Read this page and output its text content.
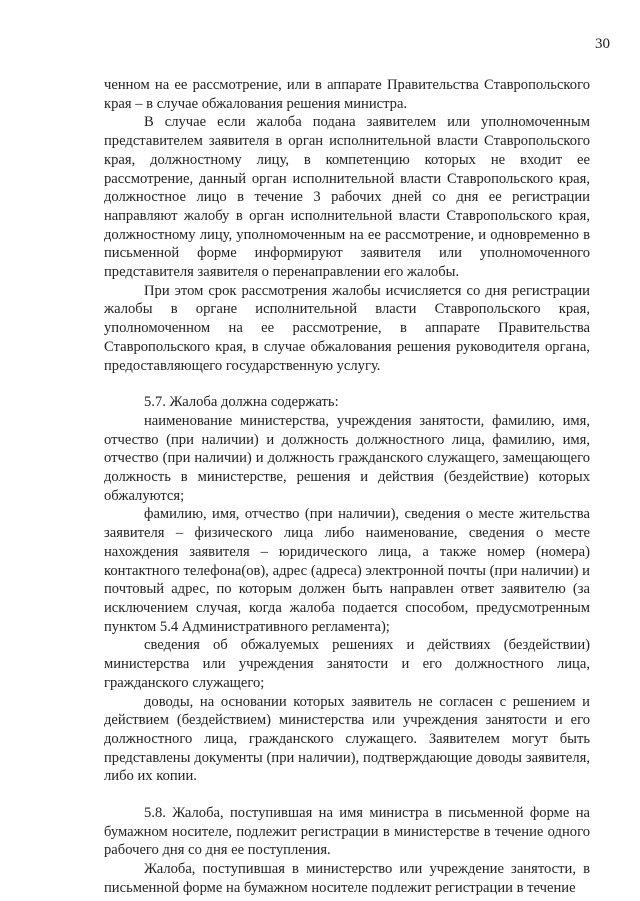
30

ченном на ее рассмотрение, или в аппарате Правительства Ставропольского края – в случае обжалования решения министра.

В случае если жалоба подана заявителем или уполномоченным представителем заявителя в орган исполнительной власти Ставропольского края, должностному лицу, в компетенцию которых не входит ее рассмотрение, данный орган исполнительной власти Ставропольского края, должностное лицо в течение 3 рабочих дней со дня ее регистрации направляют жалобу в орган исполнительной власти Ставропольского края, должностному лицу, уполномоченным на ее рассмотрение, и одновременно в письменной форме информируют заявителя или уполномоченного представителя заявителя о перенаправлении его жалобы.

При этом срок рассмотрения жалобы исчисляется со дня регистрации жалобы в органе исполнительной власти Ставропольского края, уполномоченном на ее рассмотрение, в аппарате Правительства Ставропольского края, в случае обжалования решения руководителя органа, предоставляющего государственную услугу.

5.7. Жалоба должна содержать:

наименование министерства, учреждения занятости, фамилию, имя, отчество (при наличии) и должность должностного лица, фамилию, имя, отчество (при наличии) и должность гражданского служащего, замещающего должность в министерстве, решения и действия (бездействие) которых обжалуются;

фамилию, имя, отчество (при наличии), сведения о месте жительства заявителя – физического лица либо наименование, сведения о месте нахождения заявителя – юридического лица, а также номер (номера) контактного телефона(ов), адрес (адреса) электронной почты (при наличии) и почтовый адрес, по которым должен быть направлен ответ заявителю (за исключением случая, когда жалоба подается способом, предусмотренным пунктом 5.4 Административного регламента);

сведения об обжалуемых решениях и действиях (бездействии) министерства или учреждения занятости и его должностного лица, гражданского служащего;

доводы, на основании которых заявитель не согласен с решением и действием (бездействием) министерства или учреждения занятости и его должностного лица, гражданского служащего. Заявителем могут быть представлены документы (при наличии), подтверждающие доводы заявителя, либо их копии.

5.8. Жалоба, поступившая на имя министра в письменной форме на бумажном носителе, подлежит регистрации в министерстве в течение одного рабочего дня со дня ее поступления.

Жалоба, поступившая в министерство или учреждение занятости, в письменной форме на бумажном носителе подлежит регистрации в течение
